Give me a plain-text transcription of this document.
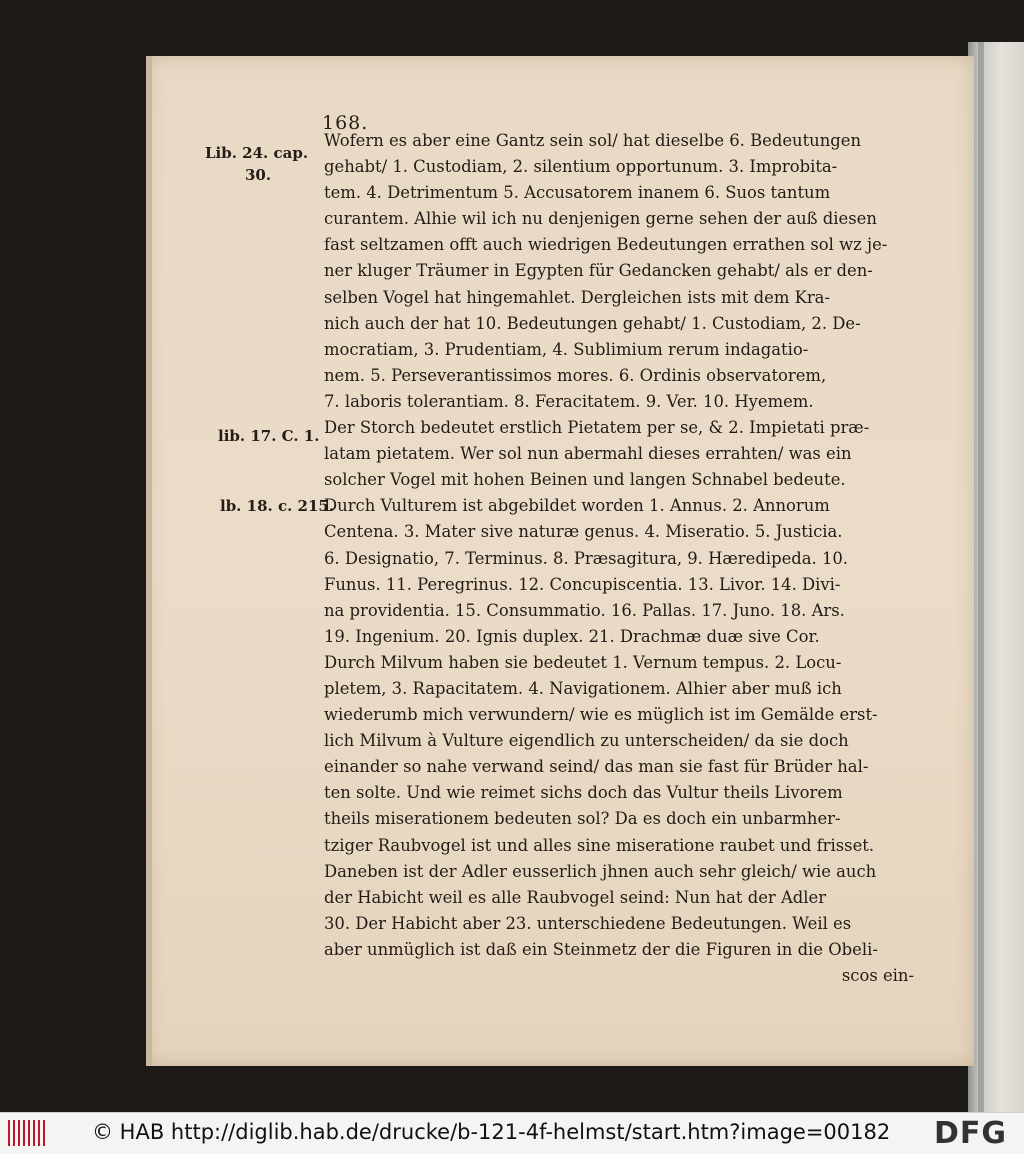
168.
Lib. 24. cap.
30.
lib. 17. C. 1.
lb. 18. c. 215.
Wofern es aber eine Gantz sein sol/ hat dieselbe 6. Bedeutungen
gehabt/ 1. Custodiam, 2. silentium opportunum. 3. Improbita-
tem. 4. Detrimentum 5. Accusatorem inanem 6. Suos tantum
curantem. Alhie wil ich nu denjenigen gerne sehen der auß diesen
fast seltzamen offt auch wiedrigen Bedeutungen errathen sol wz je-
ner kluger Träumer in Egypten für Gedancken gehabt/ als er den-
selben Vogel hat hingemahlet. Dergleichen ists mit dem Kra-
nich auch der hat 10. Bedeutungen gehabt/ 1. Custodiam, 2. De-
mocratiam, 3. Prudentiam, 4. Sublimium rerum indagatio-
nem. 5. Perseverantissimos mores. 6. Ordinis observatorem,
7. laboris tolerantiam. 8. Feracitatem. 9. Ver. 10. Hyemem.
Der Storch bedeutet erstlich Pietatem per se, & 2. Impietati præ-
latam pietatem. Wer sol nun abermahl dieses errahten/ was ein
solcher Vogel mit hohen Beinen und langen Schnabel bedeute.
Durch Vulturem ist abgebildet worden 1. Annus. 2. Annorum
Centena. 3. Mater sive naturæ genus. 4. Miseratio. 5. Justicia.
6. Designatio, 7. Terminus. 8. Præsagitura, 9. Hæredipeda. 10.
Funus. 11. Peregrinus. 12. Concupiscentia. 13. Livor. 14. Divi-
na providentia. 15. Consummatio. 16. Pallas. 17. Juno. 18. Ars.
19. Ingenium. 20. Ignis duplex. 21. Drachmæ duæ sive Cor.
Durch Milvum haben sie bedeutet 1. Vernum tempus. 2. Locu-
pletem, 3. Rapacitatem. 4. Navigationem. Alhier aber muß ich
wiederumb mich verwundern/ wie es müglich ist im Gemälde erst-
lich Milvum à Vulture eigendlich zu unterscheiden/ da sie doch
einander so nahe verwand seind/ das man sie fast für Brüder hal-
ten solte. Und wie reimet sichs doch das Vultur theils Livorem
theils miserationem bedeuten sol? Da es doch ein unbarmher-
tziger Raubvogel ist und alles sine miseratione raubet und frisset.
Daneben ist der Adler eusserlich jhnen auch sehr gleich/ wie auch
der Habicht weil es alle Raubvogel seind: Nun hat der Adler
30. Der Habicht aber 23. unterschiedene Bedeutungen. Weil es
aber unmüglich ist daß ein Steinmetz der die Figuren in die Obeli-
scos ein-
© HAB http://diglib.hab.de/drucke/b-121-4f-helmst/start.htm?image=00182 DFG
